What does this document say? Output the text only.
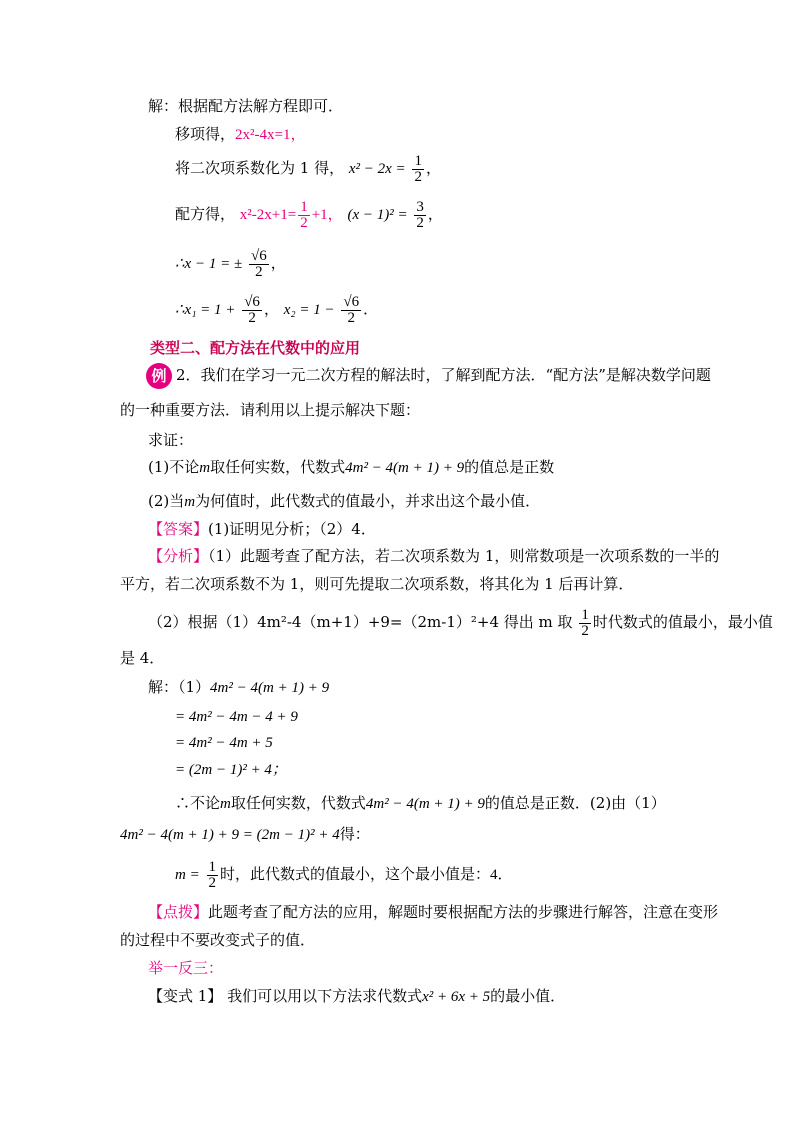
解：根据配方法解方程即可．
移项得，2x²-4x=1，
将二次项系数化为 1 得， $x^2 - 2x = \frac{1}{2}$ ，
配方得， $x^2-2x+1= \frac{1}{2} +1$， $(x - 1)^2 = \frac{3}{2}$ ，
∴x − 1 = ± $\frac{√6}{2}$ ，
∴x₁ = $1 + \frac{√6}{2}$ ， $x_2 = 1 - \frac{√6}{2}$ ．
类型二、配方法在代数中的应用
例 2．我们在学习一元二次方程的解法时，了解到配方法．“配方法”是解决数学问题
的一种重要方法．请利用以上提示解决下题：
求证：
(1)不论m取任何实数，代数式4m² − 4(m + 1) + 9的值总是正数
(2)当m为何值时，此代数式的值最小，并求出这个最小值．
【答案】(1)证明见分析；（2）4．
【分析】（1）此题考查了配方法，若二次项系数为 1，则常数项是一次项系数的一半的
平方，若二次项系数不为 1，则可先提取二次项系数，将其化为 1 后再计算．
（2）根据（1）4m²-4（m+1）+9=（2m-1）²+4 得出 m 取 $\frac{1}{2}$ 时代数式的值最小，最小值
是 4．
解：（1）4m² − 4(m + 1) + 9
= 4m² − 4m − 4 + 9
= 4m² − 4m + 5
= (2m − 1)² + 4；
∴不论m取任何实数，代数式4m² − 4(m + 1) + 9的值总是正数．(2)由（1）
4m² − 4(m + 1) + 9 = (2m − 1)² + 4得：
$m = \frac{1}{2}$ 时，此代数式的值最小，这个最小值是：4．
【点拨】此题考查了配方法的应用，解题时要根据配方法的步骤进行解答，注意在变形
的过程中不要改变式子的值．
举一反三：
【变式 1】 我们可以用以下方法求代数式x² + 6x + 5的最小值．
